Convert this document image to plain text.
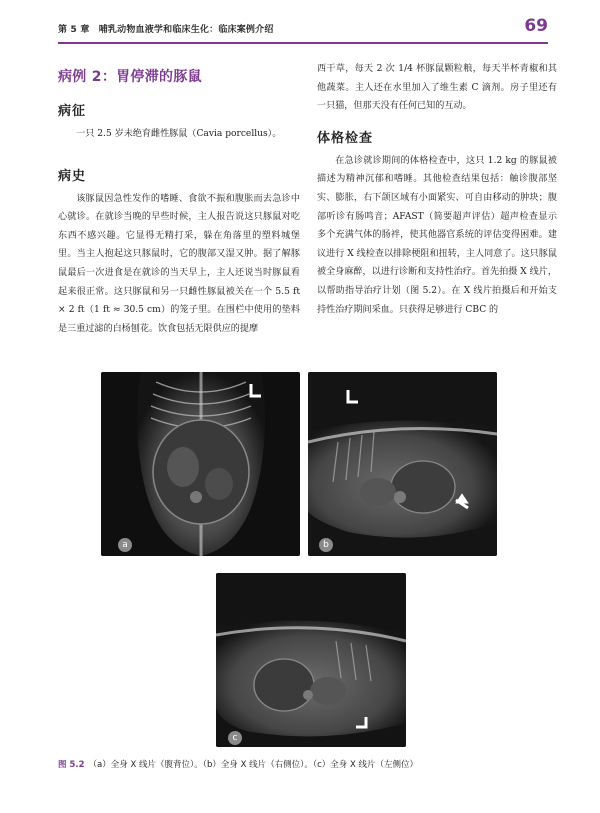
第 5 章　哺乳动物血液学和临床生化：临床案例介绍	69
病例 2：胃停滞的豚鼠
病征

一只 2.5 岁未绝育雌性豚鼠（Cavia porcellus）。

病史

该豚鼠因急性发作的嗜睡、食欲不振和腹胀而去急诊中心就诊。在就诊当晚的早些时候，主人报告说这只豚鼠对吃东西不感兴趣。它显得无精打采，躲在角落里的塑料城堡里。当主人抱起这只豚鼠时，它的腹部又湿又肿。据了解豚鼠最后一次进食是在就诊的当天早上，主人还说当时豚鼠看起来很正常。这只豚鼠和另一只雌性豚鼠被关在一个 5.5 ft × 2 ft（1 ft ≈ 30.5 cm）的笼子里。在围栏中使用的垫料是三重过滤的白杨刨花。饮食包括无限供应的提摩

西干草，每天 2 次 1/4 杯豚鼠颗粒粮，每天半杯青椒和其他蔬菜。主人还在水里加入了维生素 C 滴剂。房子里还有一只猫，但那天没有任何已知的互动。

体格检查

在急诊就诊期间的体格检查中，这只 1.2 kg 的豚鼠被描述为精神沉郁和嗜睡。其他检查结果包括：触诊腹部坚实、膨胀，右下颌区域有小面紧实、可自由移动的肿块；腹部听诊有肠鸣音；AFAST（简要超声评估）超声检查显示多个充满气体的肠袢，使其他器官系统的评估变得困难。建议进行 X 线检查以排除梗阻和扭转，主人同意了。这只豚鼠被全身麻醉，以进行诊断和支持性治疗。首先拍摄 X 线片，以帮助指导治疗计划（图 5.2）。在 X 线片拍摄后和开始支持性治疗期间采血。只获得足够进行 CBC 的

a	b
c
图 5.2 （a）全身 X 线片（腹背位）。（b）全身 X 线片（右侧位）。（c）全身 X 线片（左侧位）
